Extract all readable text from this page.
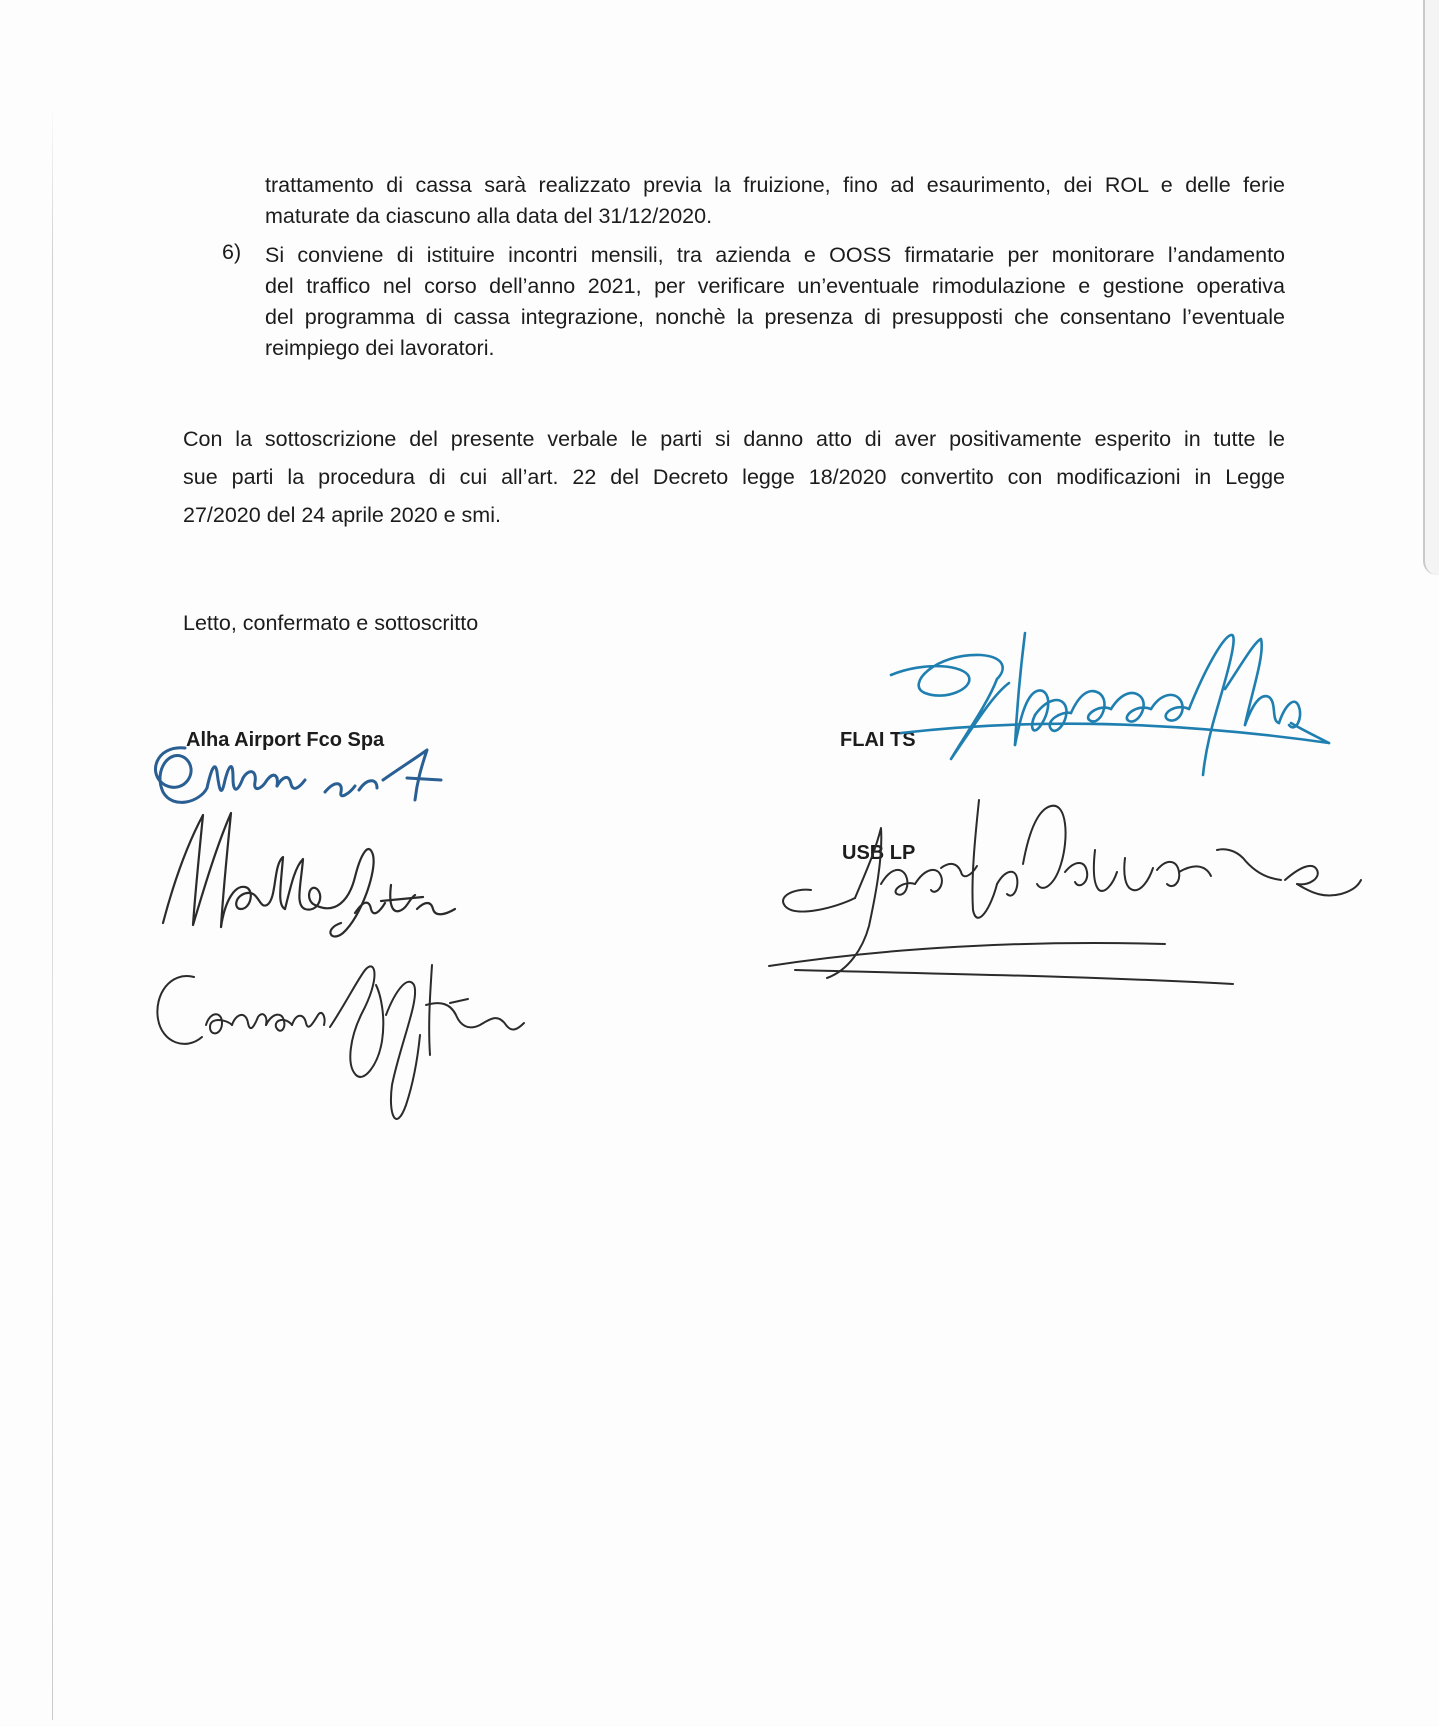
trattamento di cassa sarà realizzato previa la fruizione, fino ad esaurimento, dei ROL e delle ferie
maturate da ciascuno alla data del 31/12/2020.
6) Si conviene di istituire incontri mensili, tra azienda e OOSS firmatarie per monitorare l’andamento
del traffico nel corso dell’anno 2021, per verificare un’eventuale rimodulazione e gestione operativa
del programma di cassa integrazione, nonchè la presenza di presupposti che consentano l’eventuale
reimpiego dei lavoratori.
Con la sottoscrizione del presente verbale le parti si danno atto di aver positivamente esperito in tutte le
sue parti la procedura di cui all’art. 22 del Decreto legge 18/2020 convertito con modificazioni in Legge
27/2020 del 24 aprile 2020 e smi.
Letto, confermato e sottoscritto
Alha Airport Fco Spa	FLAI TS
USB LP
